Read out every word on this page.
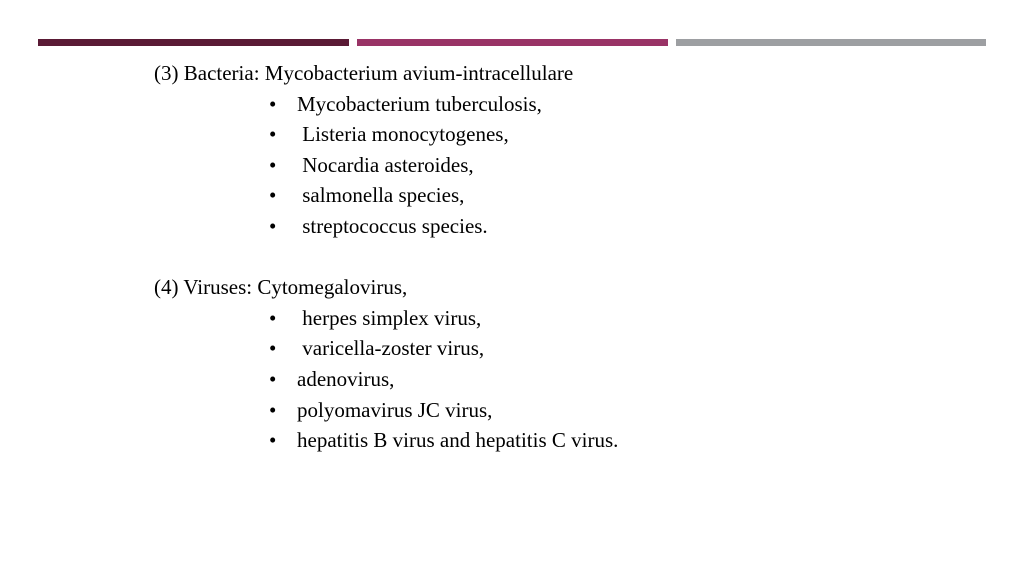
(3) Bacteria: Mycobacterium avium-intracellulare

• Mycobacterium tuberculosis,
• Listeria monocytogenes,
• Nocardia asteroides,
• salmonella species,
• streptococcus species.

(4) Viruses: Cytomegalovirus,

• herpes simplex virus,
• varicella-zoster virus,
• adenovirus,
• polyomavirus JC virus,
• hepatitis B virus and hepatitis C virus.
